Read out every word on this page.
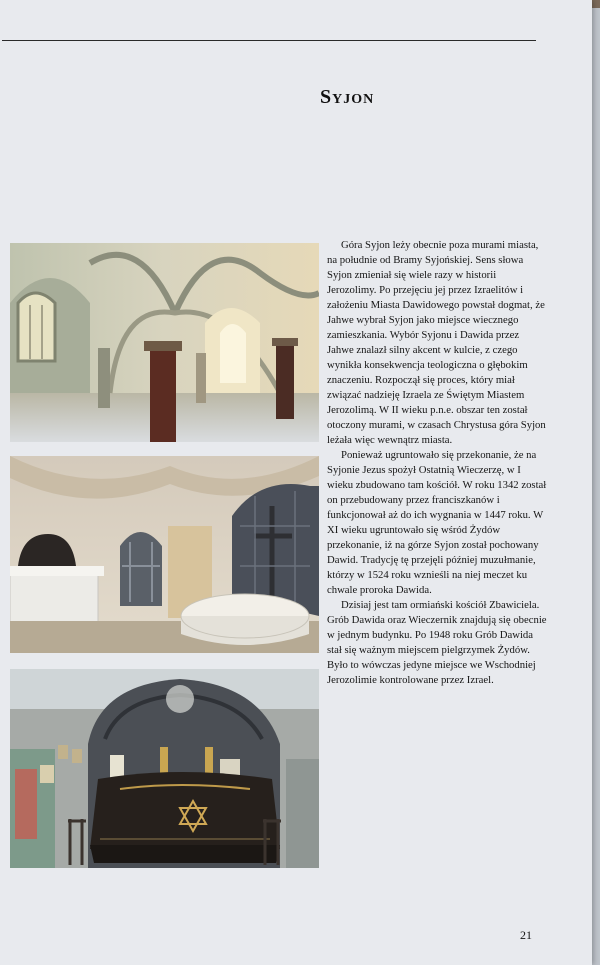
Syjon

Góra Syjon leży obecnie poza murami miasta, na południe od Bramy Syjońskiej. Sens słowa Syjon zmieniał się wiele razy w historii Jerozolimy. Po przejęciu jej przez Izraelitów i założeniu Miasta Dawidowego powstał dogmat, że Jahwe wybrał Syjon jako miejsce wiecznego zamieszkania. Wybór Syjonu i Dawida przez Jahwe znalazł silny akcent w kulcie, z czego wynikła konsekwencja teologiczna o głębokim znaczeniu. Rozpoczął się proces, który miał związać nadzieję Izraela ze Świętym Miastem Jerozolimą. W II wieku p.n.e. obszar ten został otoczony murami, w czasach Chrystusa góra Syjon leżała więc wewnątrz miasta.

Ponieważ ugruntowało się przekonanie, że na Syjonie Jezus spożył Ostatnią Wieczerzę, w I wieku zbudowano tam kościół. W roku 1342 został on przebudowany przez franciszkanów i funkcjonował aż do ich wygnania w 1447 roku. W XI wieku ugruntowało się wśród Żydów przekonanie, iż na górze Syjon został pochowany Dawid. Tradycję tę przejęli później muzułmanie, którzy w 1524 roku wznieśli na niej meczet ku chwale proroka Dawida.

Dzisiaj jest tam ormiański kościół Zbawiciela. Grób Dawida oraz Wieczernik znajdują się obecnie w jednym budynku. Po 1948 roku Grób Dawida stał się ważnym miejscem pielgrzymek Żydów. Było to wówczas jedyne miejsce we Wschodniej Jerozolimie kontrolowane przez Izrael.

21
